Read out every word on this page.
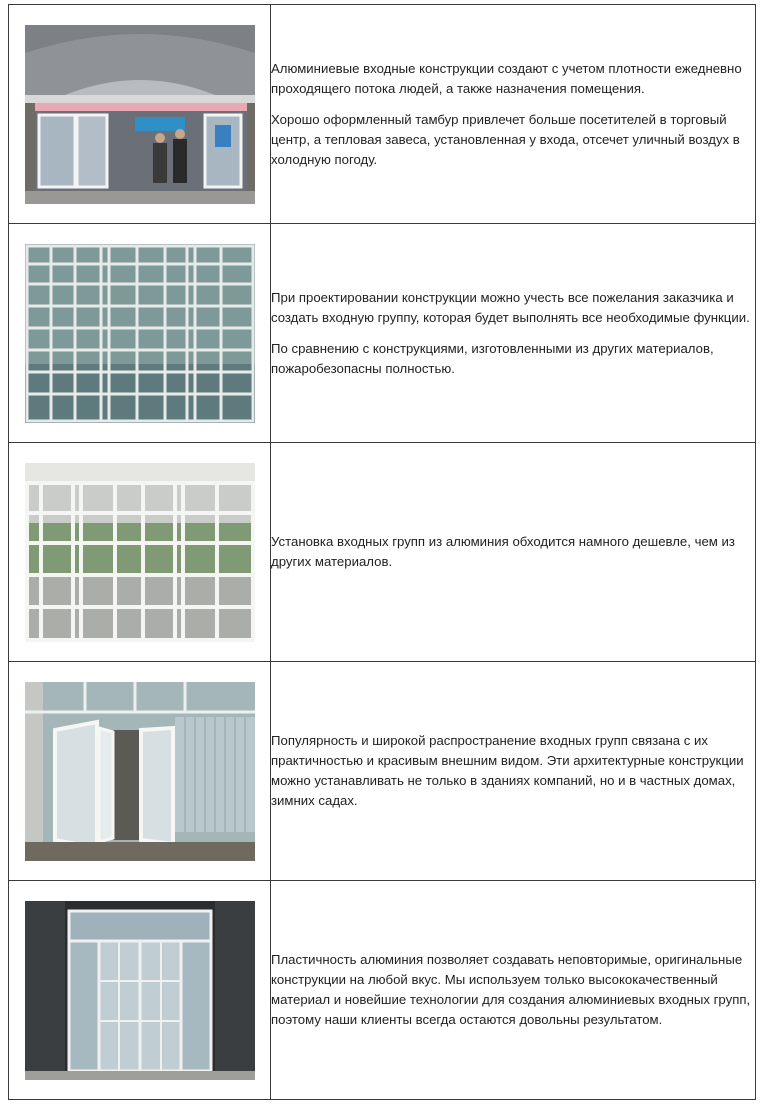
Алюминиевые входные конструкции создают с учетом плотности ежедневно проходящего потока людей, а также назначения помещения.

Хорошо оформленный тамбур привлечет больше посетителей в торговый центр, а тепловая завеса, установленная у входа, отсечет уличный воздух в холодную погоду.

При проектировании конструкции можно учесть все пожелания заказчика и создать входную группу, которая будет выполнять все необходимые функции.

По сравнению с конструкциями, изготовленными из других материалов, пожаробезопасны полностью.

Установка входных групп из алюминия обходится намного дешевле, чем из других материалов.

Популярность и широкой распространение входных групп связана с их практичностью и красивым внешним видом. Эти архитектурные конструкции можно устанавливать не только в зданиях компаний, но и в частных домах, зимних садах.

Пластичность алюминия позволяет создавать неповторимые, оригинальные конструкции на любой вкус. Мы используем только высококачественный материал и новейшие технологии для создания алюминиевых входных групп, поэтому наши клиенты всегда остаются довольны результатом.
